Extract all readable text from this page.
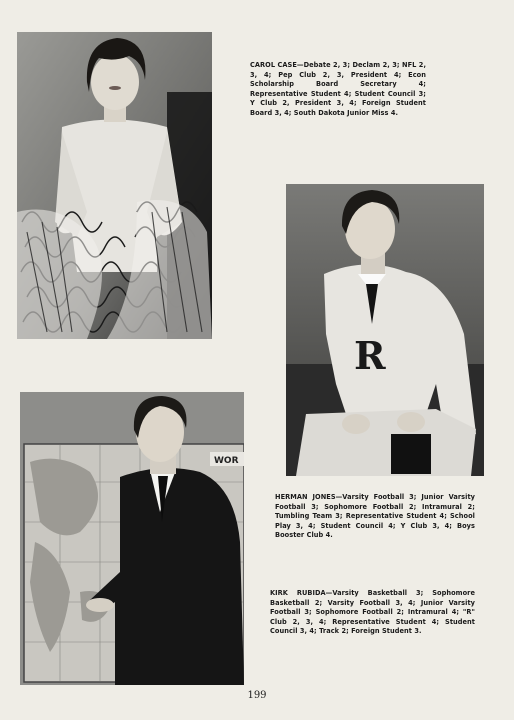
CAROL CASE—Debate 2, 3; Declam 2, 3; NFL 2, 3, 4; Pep Club 2, 3, President 4; Econ Scholarship Board Secretary 4; Representative Student 4; Student Council 3; Y Club 2, President 3, 4; Foreign Student Board 3, 4; South Dakota Junior Miss 4.
R
HERMAN JONES—Varsity Football 3; Junior Varsity Football 3; Sophomore Football 2; Intramural 2; Tumbling Team 3; Representative Student 4; School Play 3, 4; Student Council 4; Y Club 3, 4; Boys Booster Club 4.
WOR
KIRK RUBIDA—Varsity Basketball 3; Sophomore Basketball 2; Varsity Football 3, 4; Junior Varsity Football 3; Sophomore Football 2; Intramural 4; "R" Club 2, 3, 4; Representative Student 4; Student Council 3, 4; Track 2; Foreign Student 3.
199
